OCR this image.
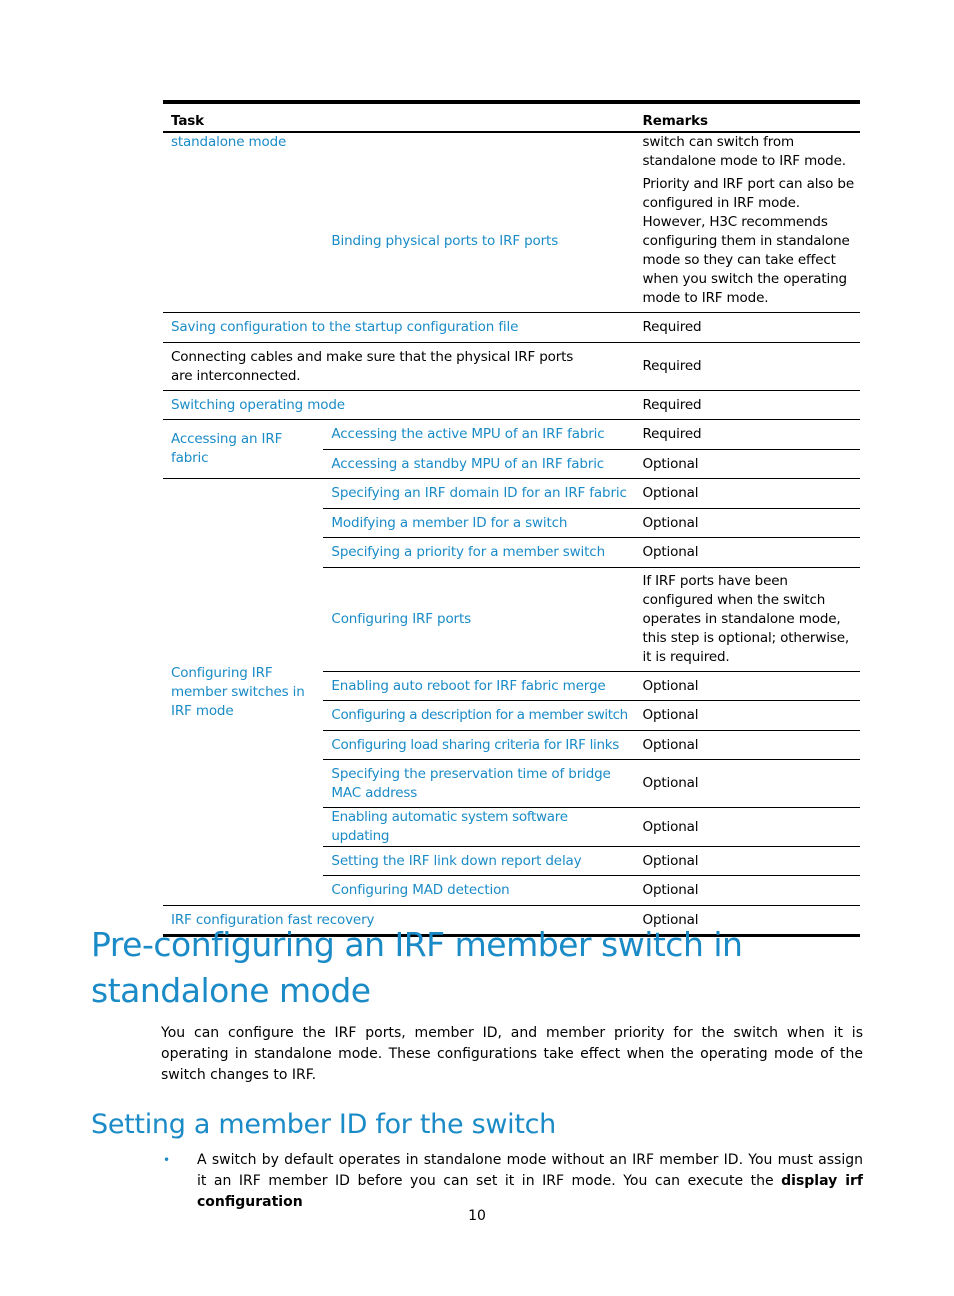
Task		Remarks
standalone mode		switch can switch from standalone mode to IRF mode.
	Binding physical ports to IRF ports	Priority and IRF port can also be configured in IRF mode. However, H3C recommends configuring them in standalone mode so they can take effect when you switch the operating mode to IRF mode.
Saving configuration to the startup configuration file		Required
Connecting cables and make sure that the physical IRF ports are interconnected.		Required
Switching operating mode		Required
Accessing an IRF fabric	Accessing the active MPU of an IRF fabric	Required
	Accessing a standby MPU of an IRF fabric	Optional
Configuring IRF member switches in IRF mode	Specifying an IRF domain ID for an IRF fabric	Optional
	Modifying a member ID for a switch	Optional
	Specifying a priority for a member switch	Optional
	Configuring IRF ports	If IRF ports have been configured when the switch operates in standalone mode, this step is optional; otherwise, it is required.
	Enabling auto reboot for IRF fabric merge	Optional
	Configuring a description for a member switch	Optional
	Configuring load sharing criteria for IRF links	Optional
	Specifying the preservation time of bridge MAC address	Optional
	Enabling automatic system software updating	Optional
	Setting the IRF link down report delay	Optional
	Configuring MAD detection	Optional
IRF configuration fast recovery		Optional
Pre-configuring an IRF member switch in standalone mode

You can configure the IRF ports, member ID, and member priority for the switch when it is operating in standalone mode. These configurations take effect when the operating mode of the switch changes to IRF.

Setting a member ID for the switch
• A switch by default operates in standalone mode without an IRF member ID. You must assign it an IRF member ID before you can set it in IRF mode. You can execute the display irf configuration

10
